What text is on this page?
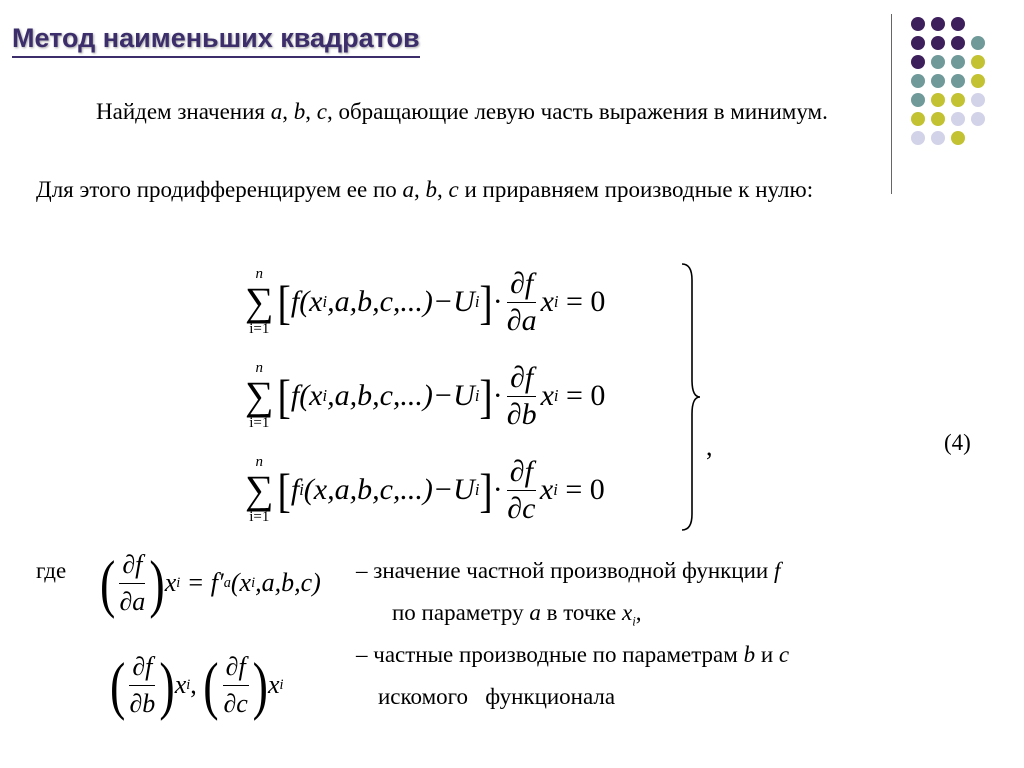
Метод наименьших квадратов
Найдем значения a, b, c, обращающие левую часть выражения в минимум.
Для этого продифференцируем ее по a, b, c и приравняем производные к нулю:
n
∑
i=1 [ f (x i ,a,b,c,...) −U i ] · $\frac{\partial f}{\partial a}$ x i
= 0
n
∑
i=1 [ f (x i ,a,b,c,...) −U i ] · $\frac{\partial f}{\partial b}$ x i
= 0
n
∑
i=1 [ f i (x,a,b,c,...) −U i ] · $\frac{\partial f}{\partial c}$ x i
= 0
,	(4)
где ( $\frac{\partial f}{\partial a}$ ) x i
= f′ a (x i ,a,b,c) – значение частной производной функции f
по параметру a в точке $x_i$,
( $\frac{\partial f}{\partial b}$ ) x i ,
( $\frac{\partial f}{\partial c}$ ) x i
– частные производные по параметрам b и c
искомого   функционала
